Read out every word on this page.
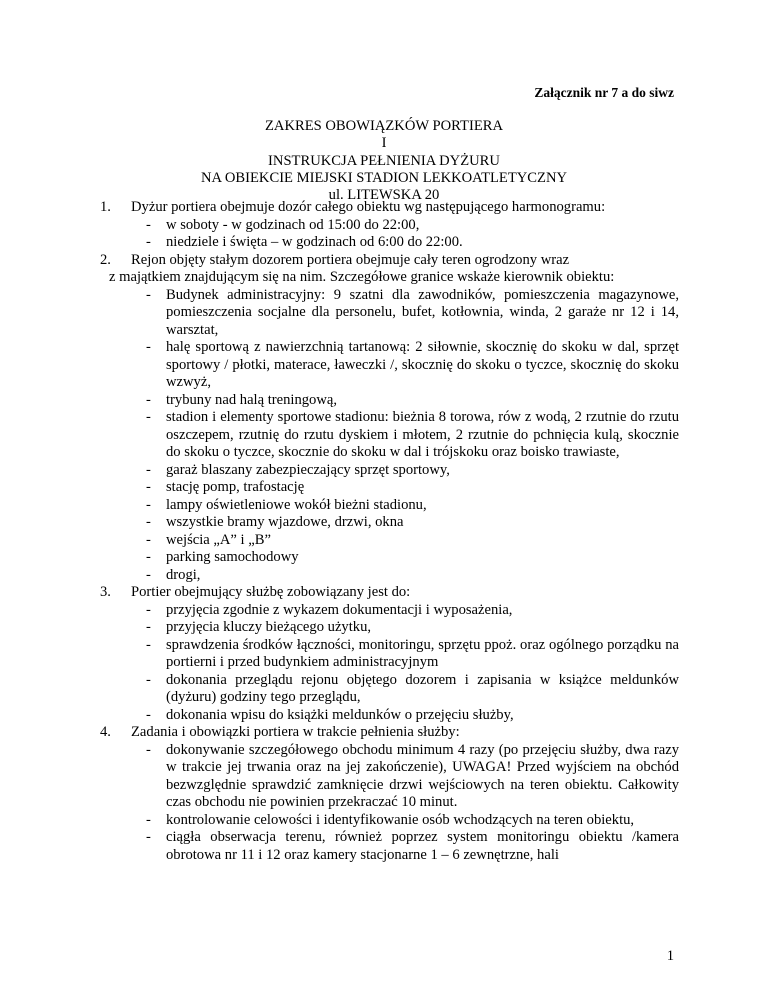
Załącznik nr 7 a do siwz
ZAKRES OBOWIĄZKÓW PORTIERA
I
INSTRUKCJA PEŁNIENIA DYŻURU
NA OBIEKCIE MIEJSKI STADION LEKKOATLETYCZNY
ul. LITEWSKA 20
1.	Dyżur portiera obejmuje dozór całego obiektu wg następującego harmonogramu:
- w soboty - w godzinach od 15:00 do 22:00,
- niedziele i święta – w godzinach od 6:00 do 22:00.
2.	Rejon objęty stałym dozorem portiera obejmuje cały teren ogrodzony wraz
z majątkiem znajdującym się na nim. Szczegółowe granice wskaże kierownik obiektu:
- Budynek administracyjny: 9 szatni dla zawodników, pomieszczenia magazynowe, pomieszczenia socjalne dla personelu, bufet, kotłownia, winda, 2 garaże nr 12 i 14, warsztat,
- halę sportową z nawierzchnią tartanową: 2 siłownie, skocznię do skoku w dal, sprzęt sportowy / płotki, materace, ławeczki /, skocznię do skoku o tyczce, skocznię do skoku wzwyż,
- trybuny nad halą treningową,
- stadion i elementy sportowe stadionu: bieżnia 8 torowa, rów z wodą, 2 rzutnie do rzutu oszczepem, rzutnię do rzutu dyskiem i młotem, 2 rzutnie do pchnięcia kulą, skocznie do skoku o tyczce, skocznie do skoku w dal i trójskoku oraz boisko trawiaste,
- garaż blaszany zabezpieczający sprzęt sportowy,
- stację pomp, trafostację
- lampy oświetleniowe wokół bieżni stadionu,
- wszystkie bramy wjazdowe, drzwi, okna
- wejścia „A” i „B”
- parking samochodowy
- drogi,
3.	Portier obejmujący służbę zobowiązany jest do:
- przyjęcia zgodnie z wykazem dokumentacji i wyposażenia,
- przyjęcia kluczy bieżącego użytku,
- sprawdzenia środków łączności, monitoringu, sprzętu ppoż. oraz ogólnego porządku na portierni i przed budynkiem administracyjnym
- dokonania przeglądu rejonu objętego dozorem i zapisania w książce meldunków (dyżuru) godziny tego przeglądu,
- dokonania wpisu do książki meldunków o przejęciu służby,
4.	Zadania i obowiązki portiera w trakcie pełnienia służby:
- dokonywanie szczegółowego obchodu minimum 4 razy (po przejęciu służby, dwa razy w trakcie jej trwania oraz na jej zakończenie), UWAGA! Przed wyjściem na obchód bezwzględnie sprawdzić zamknięcie drzwi wejściowych na teren obiektu. Całkowity czas obchodu nie powinien przekraczać 10 minut.
- kontrolowanie celowości i identyfikowanie osób wchodzących na teren obiektu,
- ciągła obserwacja terenu, również poprzez system monitoringu obiektu /kamera obrotowa nr 11 i 12 oraz kamery stacjonarne 1 – 6 zewnętrzne, hali
1
